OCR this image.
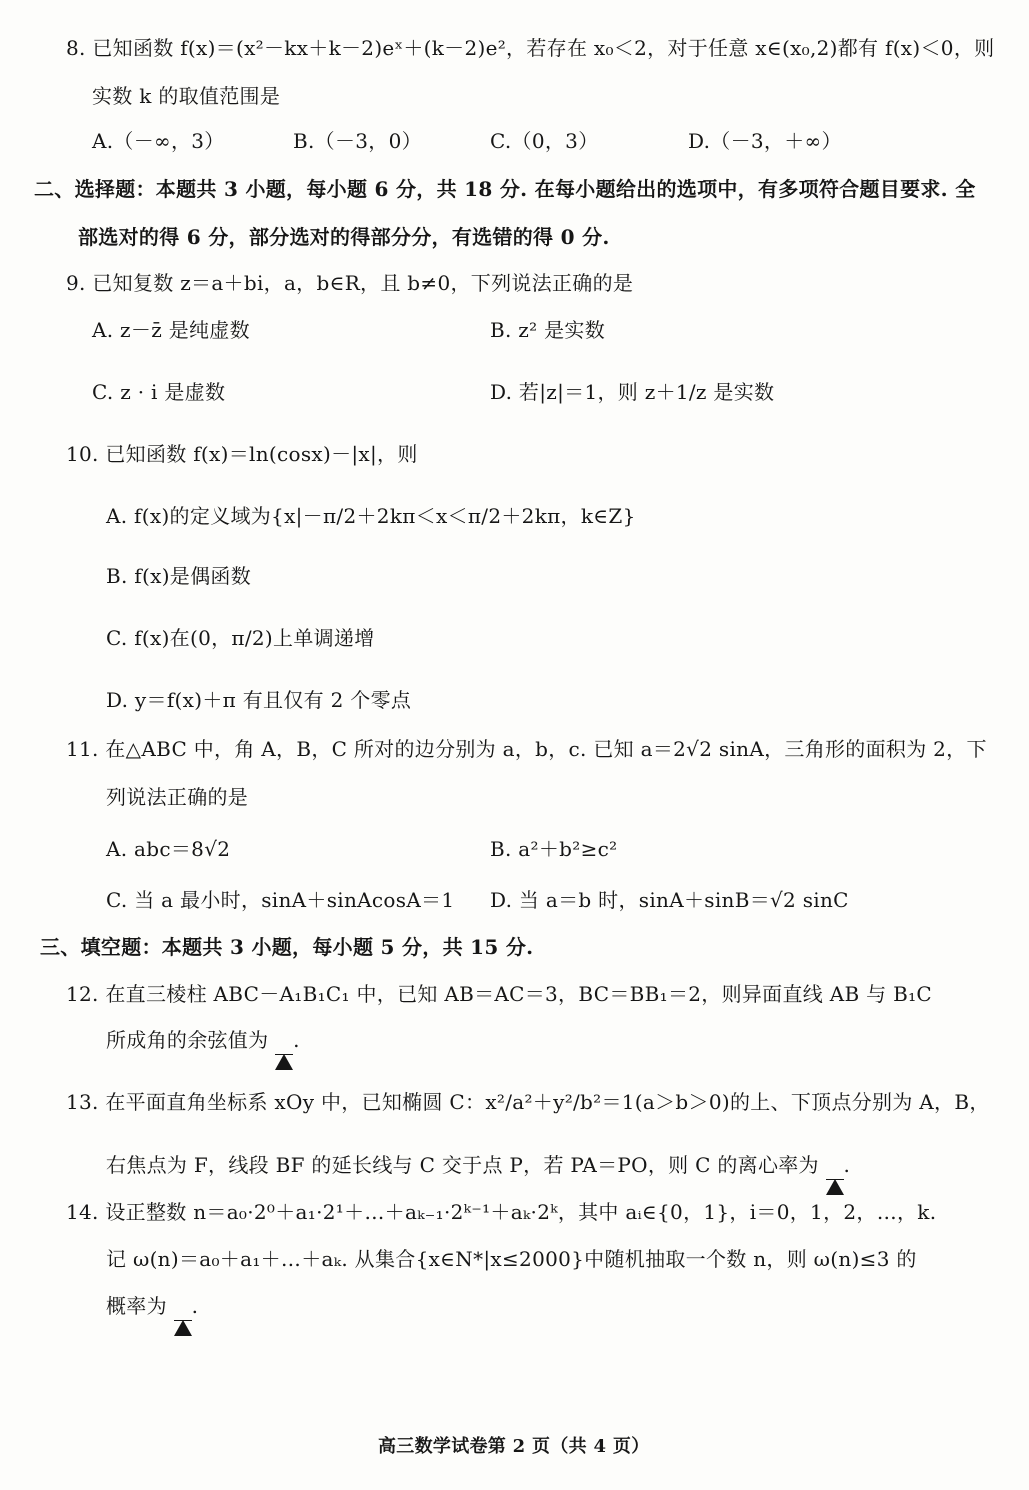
8. 已知函数 f(x)＝(x²－kx＋k－2)eˣ＋(k－2)e²，若存在 x₀＜2，对于任意 x∈(x₀,2)都有 f(x)＜0，则
实数 k 的取值范围是
A.（－∞，3）	B.（－3，0）	C.（0，3）	D.（－3，＋∞）
二、选择题：本题共 3 小题，每小题 6 分，共 18 分. 在每小题给出的选项中，有多项符合题目要求. 全
部选对的得 6 分，部分选对的得部分分，有选错的得 0 分.
9. 已知复数 z＝a＋bi，a，b∈R，且 b≠0，下列说法正确的是
A. z－z̄ 是纯虚数	B. z² 是实数
C. z · i 是虚数	D. 若|z|＝1，则 z＋1/z 是实数
10. 已知函数 f(x)＝ln(cosx)－|x|，则
A. f(x)的定义域为{x|－π/2＋2kπ＜x＜π/2＋2kπ，k∈Z}
B. f(x)是偶函数
C. f(x)在(0，π/2)上单调递增
D. y＝f(x)＋π 有且仅有 2 个零点
11. 在△ABC 中，角 A，B，C 所对的边分别为 a，b，c. 已知 a＝2√2 sinA，三角形的面积为 2，下
列说法正确的是
A. abc＝8√2	B. a²＋b²≥c²
C. 当 a 最小时，sinA＋sinAcosA＝1 D. 当 a＝b 时，sinA＋sinB＝√2 sinC
三、填空题：本题共 3 小题，每小题 5 分，共 15 分.
12. 在直三棱柱 ABC－A₁B₁C₁ 中，已知 AB＝AC＝3，BC＝BB₁＝2，则异面直线 AB 与 B₁C
所成角的余弦值为 .
13. 在平面直角坐标系 xOy 中，已知椭圆 C：x²/a²＋y²/b²＝1(a＞b＞0)的上、下顶点分别为 A，B，
右焦点为 F，线段 BF 的延长线与 C 交于点 P，若 PA＝PO，则 C 的离心率为 .
14. 设正整数 n＝a₀·2⁰＋a₁·2¹＋…＋aₖ₋₁·2ᵏ⁻¹＋aₖ·2ᵏ，其中 aᵢ∈{0，1}，i＝0，1，2，…，k.
记 ω(n)＝a₀＋a₁＋…＋aₖ. 从集合{x∈N*|x≤2000}中随机抽取一个数 n，则 ω(n)≤3 的
概率为 .
高三数学试卷第 2 页（共 4 页）
